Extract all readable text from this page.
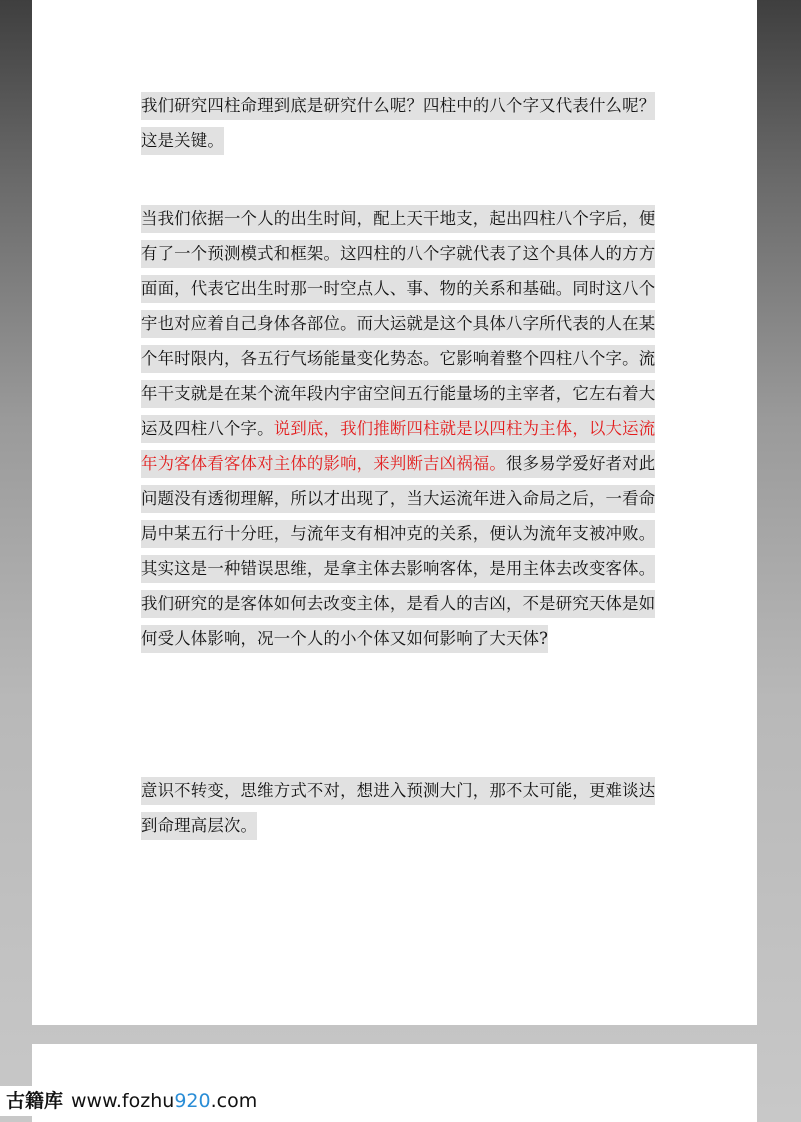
我们研究四柱命理到底是研究什么呢？四柱中的八个字又代表什么呢？这是关键。

当我们依据一个人的出生时间，配上天干地支，起出四柱八个字后，便有了一个预测模式和框架。这四柱的八个字就代表了这个具体人的方方面面，代表它出生时那一时空点人、事、物的关系和基础。同时这八个宇也对应着自己身体各部位。而大运就是这个具体八字所代表的人在某个年时限内，各五行气场能量变化势态。它影响着整个四柱八个字。流年干支就是在某个流年段内宇宙空间五行能量场的主宰者，它左右着大运及四柱八个字。说到底，我们推断四柱就是以四柱为主体，以大运流年为客体看客体对主体的影响，来判断吉凶祸福。很多易学爱好者对此问题没有透彻理解，所以才出现了，当大运流年进入命局之后，一看命局中某五行十分旺，与流年支有相冲克的关系，便认为流年支被冲败。其实这是一种错误思维，是拿主体去影响客体，是用主体去改变客体。我们研究的是客体如何去改变主体，是看人的吉凶，不是研究天体是如何受人体影响，况一个人的小个体又如何影响了大天体?

意识不转变，思维方式不对，想进入预测大门，那不太可能，更难谈达到命理高层次。

古籍库 www.fozhu920.com
